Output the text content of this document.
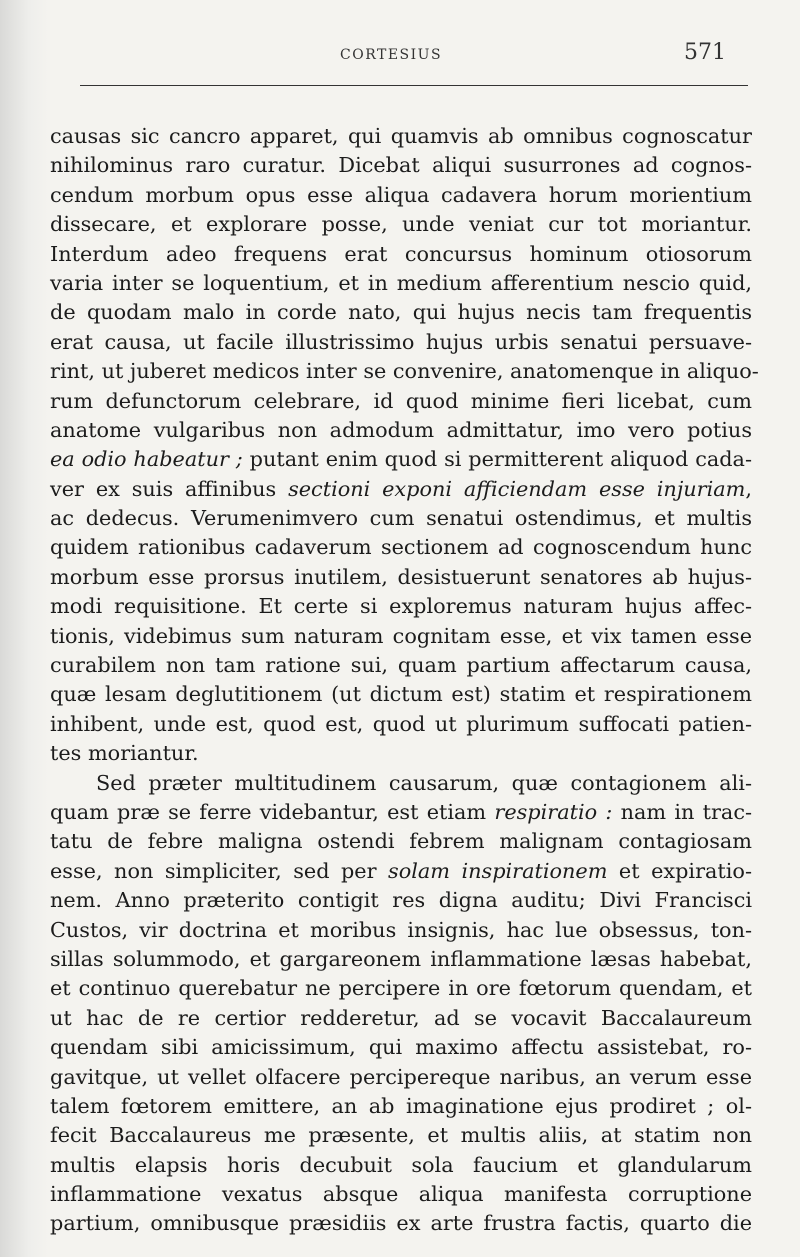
CORTESIUS	571
causas sic cancro apparet, qui quamvis ab omnibus cognoscatur
nihilominus raro curatur. Dicebat aliqui susurrones ad cognos-
cendum morbum opus esse aliqua cadavera horum morientium
dissecare, et explorare posse, unde veniat cur tot moriantur.
Interdum adeo frequens erat concursus hominum otiosorum
varia inter se loquentium, et in medium afferentium nescio quid,
de quodam malo in corde nato, qui hujus necis tam frequentis
erat causa, ut facile illustrissimo hujus urbis senatui persuave-
rint, ut juberet medicos inter se convenire, anatomenque in aliquo-
rum defunctorum celebrare, id quod minime fieri licebat, cum
anatome vulgaribus non admodum admittatur, imo vero potius
ea odio habeatur ; putant enim quod si permitterent aliquod cada-
ver ex suis affinibus sectioni exponi afficiendam esse injuriam,
ac dedecus. Verumenimvero cum senatui ostendimus, et multis
quidem rationibus cadaverum sectionem ad cognoscendum hunc
morbum esse prorsus inutilem, desistuerunt senatores ab hujus-
modi requisitione. Et certe si exploremus naturam hujus affec-
tionis, videbimus sum naturam cognitam esse, et vix tamen esse
curabilem non tam ratione sui, quam partium affectarum causa,
quæ lesam deglutitionem (ut dictum est) statim et respirationem
inhibent, unde est, quod est, quod ut plurimum suffocati patien-
tes moriantur.
Sed præter multitudinem causarum, quæ contagionem ali-
quam præ se ferre videbantur, est etiam respiratio : nam in trac-
tatu de febre maligna ostendi febrem malignam contagiosam
esse, non simpliciter, sed per solam inspirationem et expiratio-
nem. Anno præterito contigit res digna auditu; Divi Francisci
Custos, vir doctrina et moribus insignis, hac lue obsessus, ton-
sillas solummodo, et gargareonem inflammatione læsas habebat,
et continuo querebatur ne percipere in ore fœtorum quendam, et
ut hac de re certior redderetur, ad se vocavit Baccalaureum
quendam sibi amicissimum, qui maximo affectu assistebat, ro-
gavitque, ut vellet olfacere percipereque naribus, an verum esse
talem fœtorem emittere, an ab imaginatione ejus prodiret ; ol-
fecit Baccalaureus me præsente, et multis aliis, at statim non
multis elapsis horis decubuit sola faucium et glandularum
inflammatione vexatus absque aliqua manifesta corruptione
partium, omnibusque præsidiis ex arte frustra factis, quarto die
